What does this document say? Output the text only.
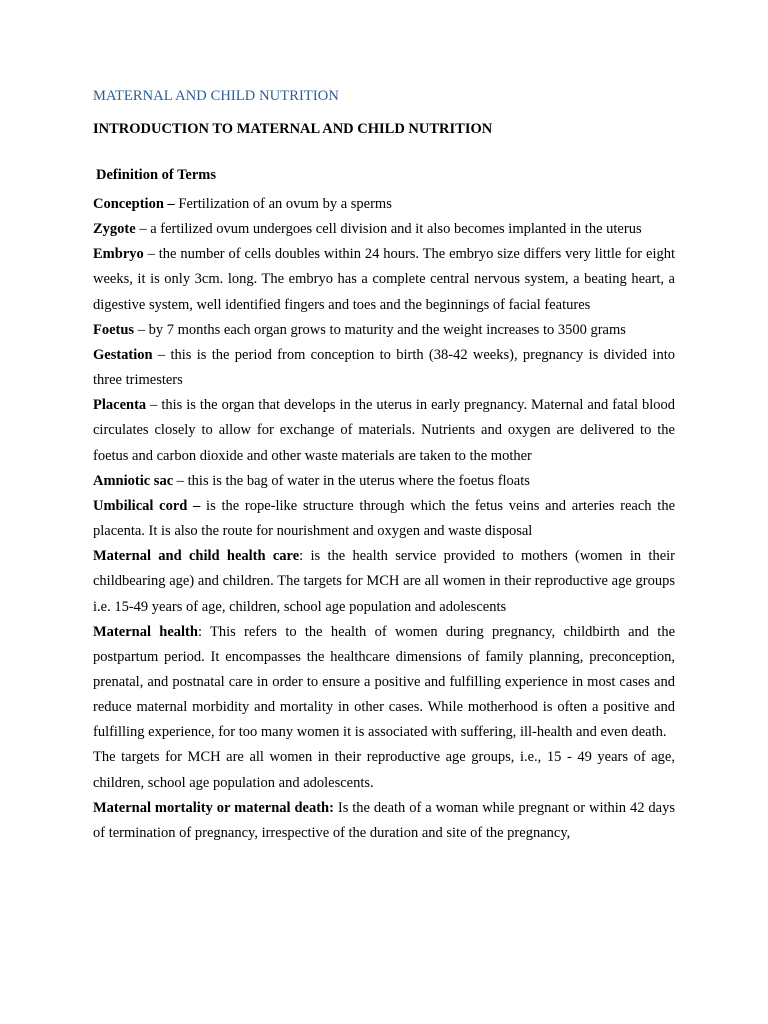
MATERNAL AND CHILD NUTRITION
INTRODUCTION TO MATERNAL AND CHILD NUTRITION
Definition of Terms

Conception – Fertilization of an ovum by a sperms

Zygote – a fertilized ovum undergoes cell division and it also becomes implanted in the uterus

Embryo – the number of cells doubles within 24 hours. The embryo size differs very little for eight weeks, it is only 3cm. long. The embryo has a complete central nervous system, a beating heart, a digestive system, well identified fingers and toes and the beginnings of facial features

Foetus – by 7 months each organ grows to maturity and the weight increases to 3500 grams

Gestation – this is the period from conception to birth (38-42 weeks), pregnancy is divided into three trimesters

Placenta – this is the organ that develops in the uterus in early pregnancy. Maternal and fatal blood circulates closely to allow for exchange of materials. Nutrients and oxygen are delivered to the foetus and carbon dioxide and other waste materials are taken to the mother

Amniotic sac – this is the bag of water in the uterus where the foetus floats

Umbilical cord – is the rope-like structure through which the fetus veins and arteries reach the placenta. It is also the route for nourishment and oxygen and waste disposal

Maternal and child health care: is the health service provided to mothers (women in their childbearing age) and children. The targets for MCH are all women in their reproductive age groups i.e. 15-49 years of age, children, school age population and adolescents

Maternal health: This refers to the health of women during pregnancy, childbirth and the postpartum period. It encompasses the healthcare dimensions of family planning, preconception, prenatal, and postnatal care in order to ensure a positive and fulfilling experience in most cases and reduce maternal morbidity and mortality in other cases. While motherhood is often a positive and fulfilling experience, for too many women it is associated with suffering, ill-health and even death.

The targets for MCH are all women in their reproductive age groups, i.e., 15 - 49 years of age, children, school age population and adolescents.

Maternal mortality or maternal death: Is the death of a woman while pregnant or within 42 days of termination of pregnancy, irrespective of the duration and site of the pregnancy,
